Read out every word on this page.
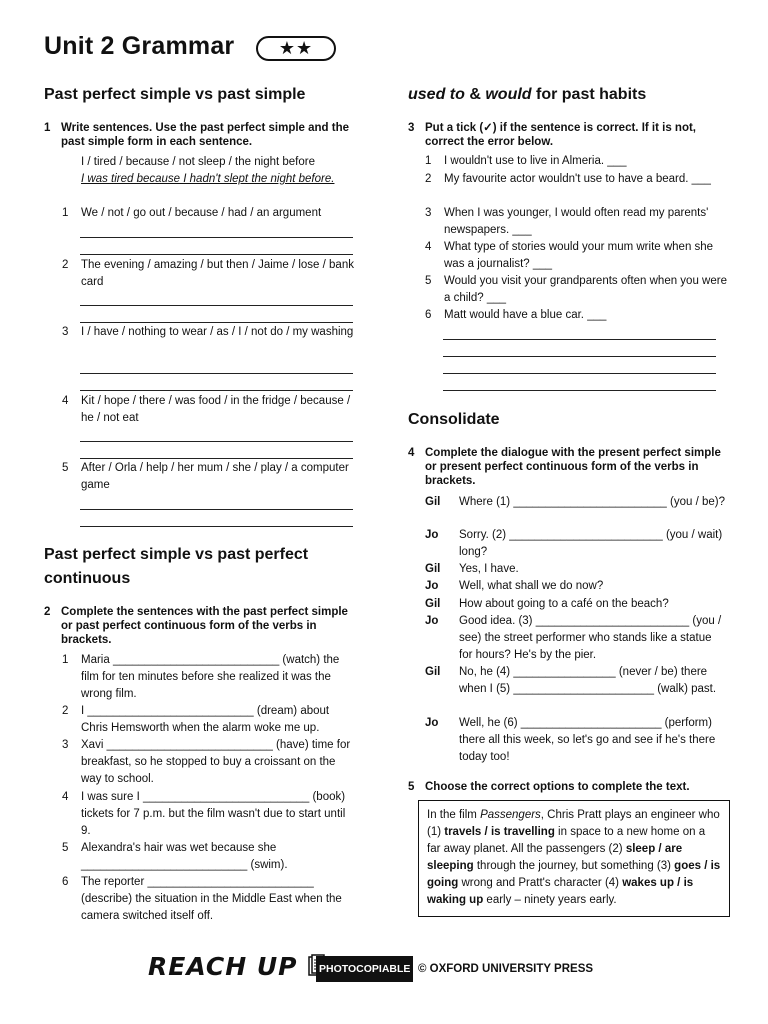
Unit 2 Grammar	★★
Past perfect simple vs past simple
1 Write sentences. Use the past perfect simple and the past simple form in each sentence.
I / tired / because / not sleep / the night before
I was tired because I hadn't slept the night before.
1 We / not / go out / because / had / an argument
2 The evening / amazing / but then / Jaime / lose / bank card
3 I / have / nothing to wear / as / I / not do / my washing
4 Kit / hope / there / was food / in the fridge / because / he / not eat
5 After / Orla / help / her mum / she / play / a computer game
Past perfect simple vs past perfect continuous
2 Complete the sentences with the past perfect simple or past perfect continuous form of the verbs in brackets.
1 Maria __________________________ (watch) the film for ten minutes before she realized it was the wrong film.
2 I __________________________ (dream) about Chris Hemsworth when the alarm woke me up.
3 Xavi __________________________ (have) time for breakfast, so he stopped to buy a croissant on the way to school.
4 I was sure I __________________________ (book) tickets for 7 p.m. but the film wasn't due to start until 9.
5 Alexandra's hair was wet because she __________________________ (swim).
6 The reporter __________________________ (describe) the situation in the Middle East when the camera switched itself off.
used to & would for past habits
3 Put a tick (✓) if the sentence is correct. If it is not, correct the error below.
1 I wouldn't use to live in Almeria. ___
2 My favourite actor wouldn't use to have a beard. ___
3 When I was younger, I would often read my parents' newspapers. ___
4 What type of stories would your mum write when she was a journalist? ___
5 Would you visit your grandparents often when you were a child? ___
6 Matt would have a blue car. ___
Consolidate
4 Complete the dialogue with the present perfect simple or present perfect continuous form of the verbs in brackets.
Gil Where (1) ________________________ (you / be)?
Jo Sorry. (2) ________________________ (you / wait) long?
Gil Yes, I have.
Jo Well, what shall we do now?
Gil How about going to a café on the beach?
Jo Good idea. (3) ________________________ (you / see) the street performer who stands like a statue for hours? He's by the pier.
Gil No, he (4) ________________ (never / be) there when I (5) ______________________ (walk) past.
Jo Well, he (6) ______________________ (perform) there all this week, so let's go and see if he's there today too!
5 Choose the correct options to complete the text.
In the film Passengers, Chris Pratt plays an engineer who (1) travels / is travelling in space to a new home on a far away planet. All the passengers (2) sleep / are sleeping through the journey, but something (3) goes / is going wrong and Pratt's character (4) wakes up / is waking up early – ninety years early.
REACH UP	PHOTOCOPIABLE © OXFORD UNIVERSITY PRESS
